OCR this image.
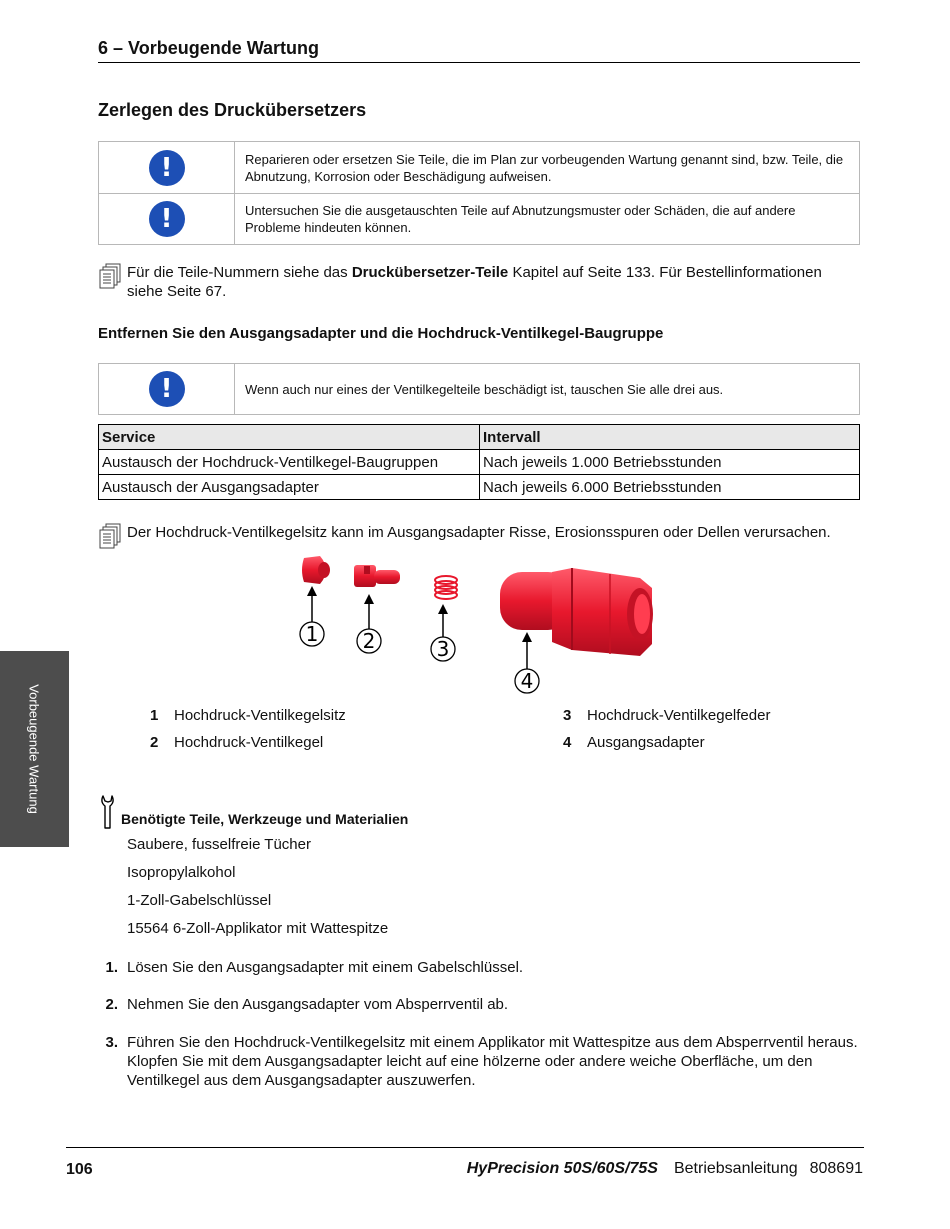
6 – Vorbeugende Wartung
Zerlegen des Druckübersetzers
!	Reparieren oder ersetzen Sie Teile, die im Plan zur vorbeugenden Wartung genannt sind, bzw. Teile, die Abnutzung, Korrosion oder Beschädigung aufweisen.
!	Untersuchen Sie die ausgetauschten Teile auf Abnutzungsmuster oder Schäden, die auf andere Probleme hindeuten können.
Für die Teile-Nummern siehe das Druckübersetzer-Teile Kapitel auf Seite 133. Für Bestellinformationen siehe Seite 67.
Entfernen Sie den Ausgangsadapter und die Hochdruck-Ventilkegel-Baugruppe
!	Wenn auch nur eines der Ventilkegelteile beschädigt ist, tauschen Sie alle drei aus.
Service	Intervall
Austausch der Hochdruck-Ventilkegel-Baugruppen	Nach jeweils 1.000 Betriebsstunden
Austausch der Ausgangsadapter	Nach jeweils 6.000 Betriebsstunden
Der Hochdruck-Ventilkegelsitz kann im Ausgangsadapter Risse, Erosionsspuren oder Dellen verursachen.
1 2	3
4
1 Hochdruck-Ventilkegelsitz
2 Hochdruck-Ventilkegel
3 Hochdruck-Ventilkegelfeder
4 Ausgangsadapter
Benötigte Teile, Werkzeuge und Materialien
Saubere, fusselfreie Tücher
Isopropylalkohol
1-Zoll-Gabelschlüssel
15564 6-Zoll-Applikator mit Wattespitze
1. Lösen Sie den Ausgangsadapter mit einem Gabelschlüssel.
2. Nehmen Sie den Ausgangsadapter vom Absperrventil ab.
3. Führen Sie den Hochdruck-Ventilkegelsitz mit einem Applikator mit Wattespitze aus dem Absperrventil heraus. Klopfen Sie mit dem Ausgangsadapter leicht auf eine hölzerne oder andere weiche Oberfläche, um den Ventilkegel aus dem Ausgangsadapter auszuwerfen.
Vorbeugende Wartung
106	HyPrecision 50S/60S/75S Betriebsanleitung 808691
